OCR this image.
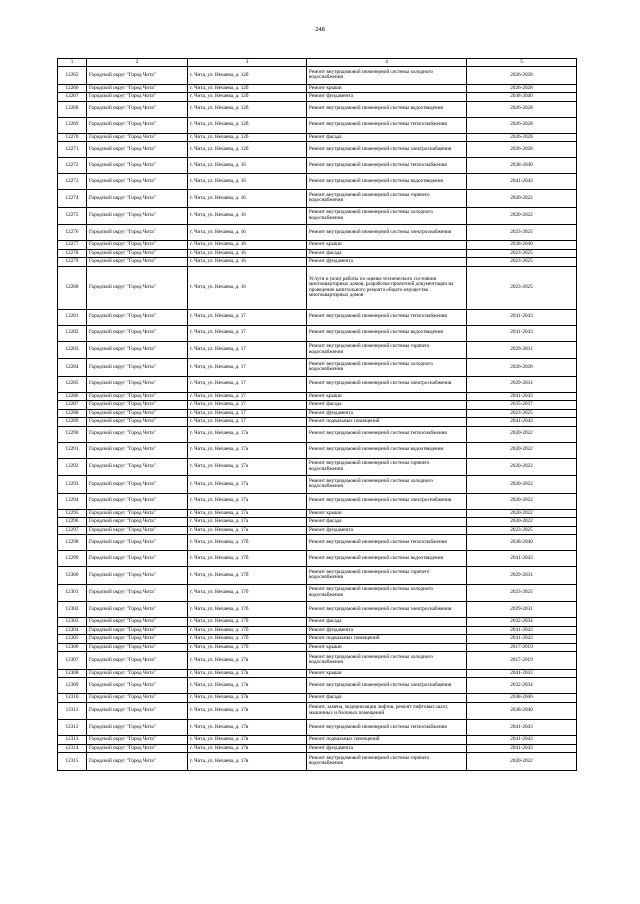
248
1	2	3	4	5
12265	Городской округ "Город Чита"	г. Чита, ул. Нечаева, д. 12б	Ремонт внутридомовой инженерной системы холодного водоснабжения	2026-2028
12266	Городской округ "Город Чита"	г. Чита, ул. Нечаева, д. 12б	Ремонт крыши	2026-2028
12267	Городской округ "Город Чита"	г. Чита, ул. Нечаева, д. 12б	Ремонт фундамента	2038-2040
12268	Городской округ "Город Чита"	г. Чита, ул. Нечаева, д. 12б	Ремонт внутридомовой инженерной системы водоотведения	2026-2028
12269	Городской округ "Город Чита"	г. Чита, ул. Нечаева, д. 12б	Ремонт внутридомовой инженерной системы теплоснабжения	2026-2028
12270	Городской округ "Город Чита"	г. Чита, ул. Нечаева, д. 12б	Ремонт фасада	2026-2028
12271	Городской округ "Город Чита"	г. Чита, ул. Нечаева, д. 12б	Ремонт внутридомовой инженерной системы электроснабжения	2026-2028
12272	Городской округ "Город Чита"	г. Чита, ул. Нечаева, д. 16	Ремонт внутридомовой инженерной системы теплоснабжения	2038-2040
12273	Городской округ "Город Чита"	г. Чита, ул. Нечаева, д. 16	Ремонт внутридомовой инженерной системы водоотведения	2041-2043
12274	Городской округ "Город Чита"	г. Чита, ул. Нечаева, д. 16	Ремонт внутридомовой инженерной системы горячего водоснабжения	2020-2022
12275	Городской округ "Город Чита"	г. Чита, ул. Нечаева, д. 16	Ремонт внутридомовой инженерной системы холодного водоснабжения	2020-2022
12276	Городской округ "Город Чита"	г. Чита, ул. Нечаева, д. 16	Ремонт внутридомовой инженерной системы электроснабжения	2023-2025
12277	Городской округ "Город Чита"	г. Чита, ул. Нечаева, д. 16	Ремонт крыши	2038-2040
12278	Городской округ "Город Чита"	г. Чита, ул. Нечаева, д. 16	Ремонт фасада	2023-2025
12279	Городской округ "Город Чита"	г. Чита, ул. Нечаева, д. 16	Ремонт фундамента	2023-2025
12280	Городской округ "Город Чита"	г. Чита, ул. Нечаева, д. 16	Услуги и (или) работы по оценке технического состояния многоквартирных домов, разработке проектной документации на проведение капитального ремонта общего имущества многоквартирных домов	2023-2025
12281	Городской округ "Город Чита"	г. Чита, ул. Нечаева, д. 17	Ремонт внутридомовой инженерной системы теплоснабжения	2041-2043
12282	Городской округ "Город Чита"	г. Чита, ул. Нечаева, д. 17	Ремонт внутридомовой инженерной системы водоотведения	2041-2043
12283	Городской округ "Город Чита"	г. Чита, ул. Нечаева, д. 17	Ремонт внутридомовой инженерной системы горячего водоснабжения	2029-2031
12284	Городской округ "Город Чита"	г. Чита, ул. Нечаева, д. 17	Ремонт внутридомовой инженерной системы холодного водоснабжения	2026-2028
12285	Городской округ "Город Чита"	г. Чита, ул. Нечаева, д. 17	Ремонт внутридомовой инженерной системы электроснабжения	2029-2031
12286	Городской округ "Город Чита"	г. Чита, ул. Нечаева, д. 17	Ремонт крыши	2041-2043
12287	Городской округ "Город Чита"	г. Чита, ул. Нечаева, д. 17	Ремонт фасада	2035-2037
12288	Городской округ "Город Чита"	г. Чита, ул. Нечаева, д. 17	Ремонт фундамента	2023-2025
12289	Городской округ "Город Чита"	г. Чита, ул. Нечаева, д. 17	Ремонт подвальных помещений	2041-2043
12290	Городской округ "Город Чита"	г. Чита, ул. Нечаева, д. 17а	Ремонт внутридомовой инженерной системы теплоснабжения	2020-2022
12291	Городской округ "Город Чита"	г. Чита, ул. Нечаева, д. 17а	Ремонт внутридомовой инженерной системы водоотведения	2020-2022
12292	Городской округ "Город Чита"	г. Чита, ул. Нечаева, д. 17а	Ремонт внутридомовой инженерной системы горячего водоснабжения	2020-2022
12293	Городской округ "Город Чита"	г. Чита, ул. Нечаева, д. 17а	Ремонт внутридомовой инженерной системы холодного водоснабжения	2020-2022
12294	Городской округ "Город Чита"	г. Чита, ул. Нечаева, д. 17а	Ремонт внутридомовой инженерной системы электроснабжения	2020-2022
12295	Городской округ "Город Чита"	г. Чита, ул. Нечаева, д. 17а	Ремонт крыши	2020-2022
12296	Городской округ "Город Чита"	г. Чита, ул. Нечаева, д. 17а	Ремонт фасада	2020-2022
12297	Городской округ "Город Чита"	г. Чита, ул. Нечаева, д. 17а	Ремонт фундамента	2023-2025
12298	Городской округ "Город Чита"	г. Чита, ул. Нечаева, д. 17б	Ремонт внутридомовой инженерной системы теплоснабжения	2038-2040
12299	Городской округ "Город Чита"	г. Чита, ул. Нечаева, д. 17б	Ремонт внутридомовой инженерной системы водоотведения	2041-2043
12300	Городской округ "Город Чита"	г. Чита, ул. Нечаева, д. 17б	Ремонт внутридомовой инженерной системы горячего водоснабжения	2029-2031
12301	Городской округ "Город Чита"	г. Чита, ул. Нечаева, д. 17б	Ремонт внутридомовой инженерной системы холодного водоснабжения	2023-2025
12302	Городской округ "Город Чита"	г. Чита, ул. Нечаева, д. 17б	Ремонт внутридомовой инженерной системы электроснабжения	2029-2031
12303	Городской округ "Город Чита"	г. Чита, ул. Нечаева, д. 17б	Ремонт фасада	2032-2034
12304	Городской округ "Город Чита"	г. Чита, ул. Нечаева, д. 17б	Ремонт фундамента	2041-2043
12305	Городской округ "Город Чита"	г. Чита, ул. Нечаева, д. 17б	Ремонт подвальных помещений	2041-2043
12306	Городской округ "Город Чита"	г. Чита, ул. Нечаева, д. 17б	Ремонт крыши	2017-2019
12307	Городской округ "Город Чита"	г. Чита, ул. Нечаева, д. 17в	Ремонт внутридомовой инженерной системы холодного водоснабжения	2017-2019
12308	Городской округ "Город Чита"	г. Чита, ул. Нечаева, д. 17в	Ремонт крыши	2041-2043
12309	Городской округ "Город Чита"	г. Чита, ул. Нечаева, д. 17в	Ремонт внутридомовой инженерной системы электроснабжения	2032-2034
12310	Городской округ "Город Чита"	г. Чита, ул. Нечаева, д. 17в	Ремонт фасада	2038-2040
12311	Городской округ "Город Чита"	г. Чита, ул. Нечаева, д. 17в	Ремонт, замена, модернизация лифтов, ремонт лифтовых шахт, машинных и блочных помещений	2038-2040
12312	Городской округ "Город Чита"	г. Чита, ул. Нечаева, д. 17в	Ремонт внутридомовой инженерной системы теплоснабжения	2041-2043
12313	Городской округ "Город Чита"	г. Чита, ул. Нечаева, д. 17в	Ремонт подвальных помещений	2041-2043
12314	Городской округ "Город Чита"	г. Чита, ул. Нечаева, д. 17в	Ремонт фундамента	2041-2043
12315	Городской округ "Город Чита"	г. Чита, ул. Нечаева, д. 17в	Ремонт внутридомовой инженерной системы горячего водоснабжения	2020-2022
